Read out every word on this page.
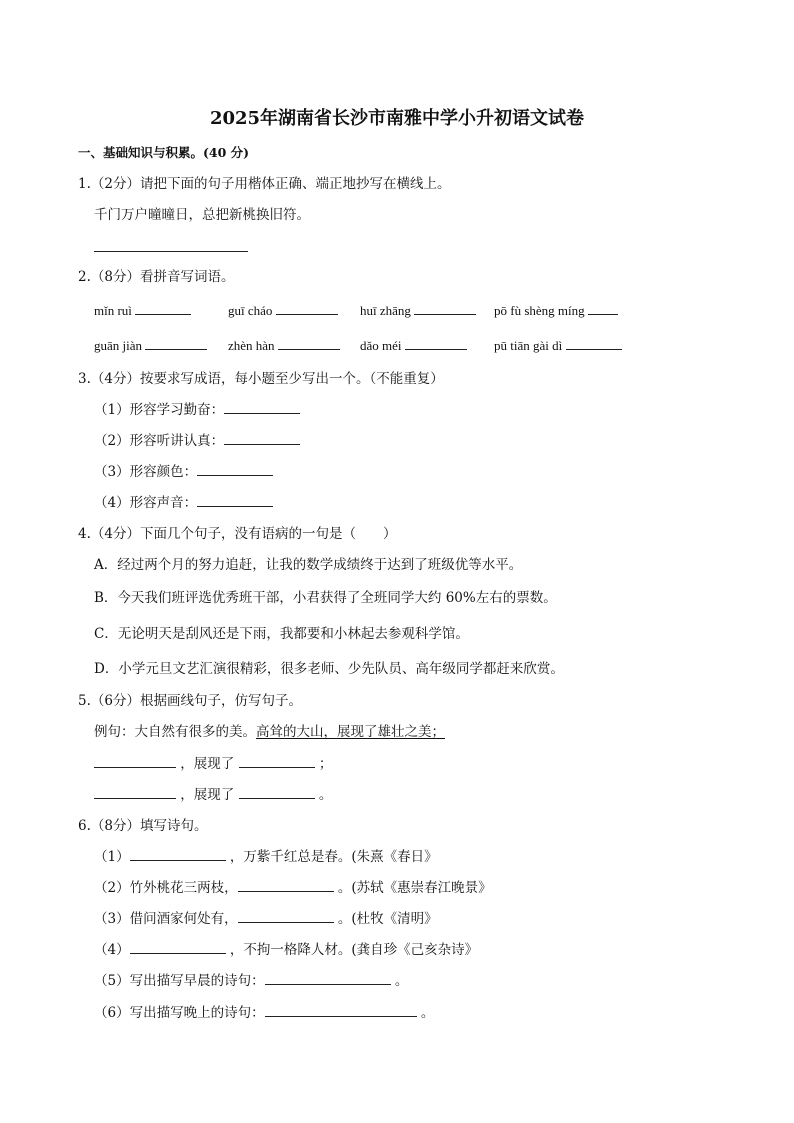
2025年湖南省长沙市南雅中学小升初语文试卷
一、基础知识与积累。(40 分)
1.（2分）请把下面的句子用楷体正确、端正地抄写在横线上。
千门万户曈曈日，总把新桃换旧符。
2.（8分）看拼音写词语。
mǐn ruì	guī cháo	huī zhāng	pō fù shèng míng
guān jiàn	zhèn hàn	dǎo méi	pū tiān gài dì
3.（4分）按要求写成语，每小题至少写出一个。（不能重复）
（1）形容学习勤奋：
（2）形容听讲认真：
（3）形容颜色：
（4）形容声音：
4.（4分）下面几个句子，没有语病的一句是（　　）
A．经过两个月的努力追赶，让我的数学成绩终于达到了班级优等水平。
B．今天我们班评选优秀班干部，小君获得了全班同学大约 60%左右的票数。
C．无论明天是刮风还是下雨，我都要和小林起去参观科学馆。
D．小学元旦文艺汇演很精彩，很多老师、少先队员、高年级同学都赶来欣赏。
5.（6分）根据画线句子，仿写句子。
例句：大自然有很多的美。高耸的大山，展现了雄壮之美；
，展现了	；
，展现了	。
6.（8分）填写诗句。
（1）	，万紫千红总是春。(朱熹《春日》
（2）竹外桃花三两枝，	。(苏轼《惠崇春江晚景》
（3）借问酒家何处有，	。(杜牧《清明》
（4）	，不拘一格降人材。(龚自珍《己亥杂诗》
（5）写出描写早晨的诗句：	。
（6）写出描写晚上的诗句：	。
